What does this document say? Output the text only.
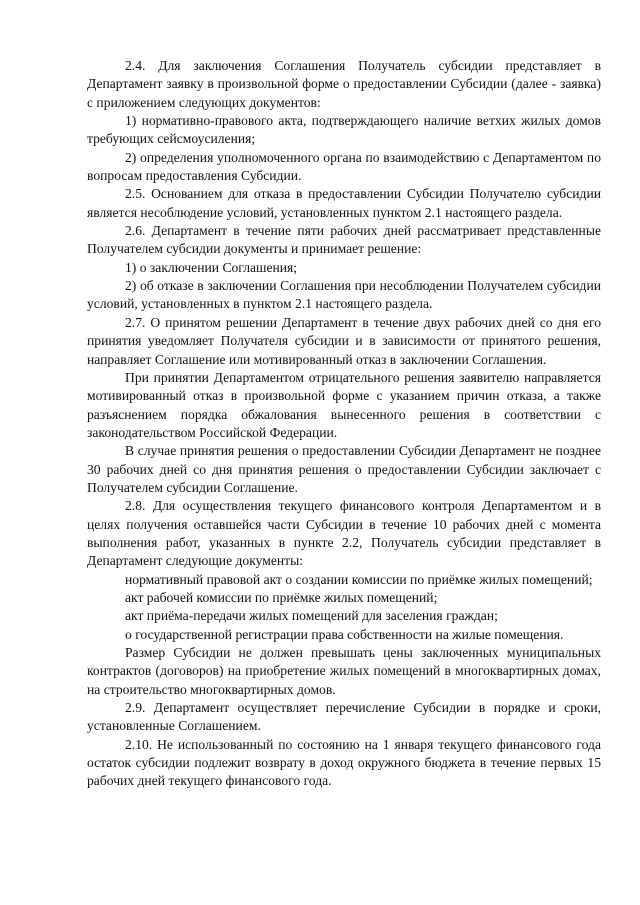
2.4. Для заключения Соглашения Получатель субсидии представляет в Департамент заявку в произвольной форме о предоставлении Субсидии (далее - заявка) с приложением следующих документов:

1) нормативно-правового акта, подтверждающего наличие ветхих жилых домов требующих сейсмоусиления;

2) определения уполномоченного органа по взаимодействию с Департаментом по вопросам предоставления Субсидии.

2.5. Основанием для отказа в предоставлении Субсидии Получателю субсидии является несоблюдение условий, установленных пунктом 2.1 настоящего раздела.

2.6. Департамент в течение пяти рабочих дней рассматривает представленные Получателем субсидии документы и принимает решение:

1) о заключении Соглашения;

2) об отказе в заключении Соглашения при несоблюдении Получателем субсидии условий, установленных в пунктом 2.1 настоящего раздела.

2.7. О принятом решении Департамент в течение двух рабочих дней со дня его принятия уведомляет Получателя субсидии и в зависимости от принятого решения, направляет Соглашение или мотивированный отказ в заключении Соглашения.

При принятии Департаментом отрицательного решения заявителю направляется мотивированный отказ в произвольной форме с указанием причин отказа, а также разъяснением порядка обжалования вынесенного решения в соответствии с законодательством Российской Федерации.

В случае принятия решения о предоставлении Субсидии Департамент не позднее 30 рабочих дней со дня принятия решения о предоставлении Субсидии заключает с Получателем субсидии Соглашение.

2.8. Для осуществления текущего финансового контроля Департаментом и в целях получения оставшейся части Субсидии в течение 10 рабочих дней с момента выполнения работ, указанных в пункте 2.2, Получатель субсидии представляет в Департамент следующие документы:

нормативный правовой акт о создании комиссии по приёмке жилых помещений;

акт рабочей комиссии по приёмке жилых помещений;

акт приёма-передачи жилых помещений для заселения граждан;

о государственной регистрации права собственности на жилые помещения.

Размер Субсидии не должен превышать цены заключенных муниципальных контрактов (договоров) на приобретение жилых помещений в многоквартирных домах, на строительство многоквартирных домов.

2.9. Департамент осуществляет перечисление Субсидии в порядке и сроки, установленные Соглашением.

2.10. Не использованный по состоянию на 1 января текущего финансового года остаток субсидии подлежит возврату в доход окружного бюджета в течение первых 15 рабочих дней текущего финансового года.
